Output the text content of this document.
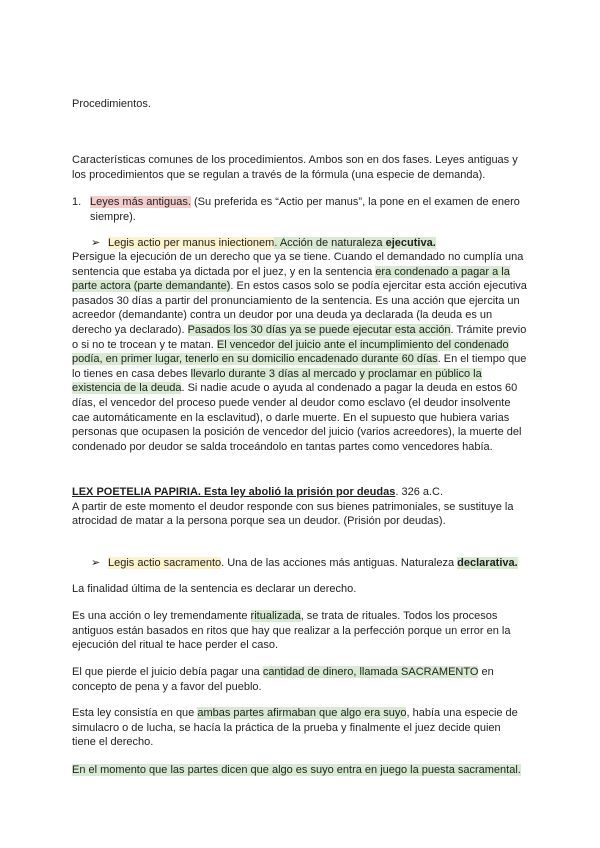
Procedimientos.
Características comunes de los procedimientos. Ambos son en dos fases. Leyes antiguas y los procedimientos que se regulan a través de la fórmula (una especie de demanda).
1. Leyes más antiguas. (Su preferida es “Actio per manus”, la pone en el examen de enero siempre).
➢ Legis actio per manus iniectionem. Acción de naturaleza ejecutiva.
Persigue la ejecución de un derecho que ya se tiene. Cuando el demandado no cumplía una sentencia que estaba ya dictada por el juez, y en la sentencia era condenado a pagar a la parte actora (parte demandante). En estos casos solo se podía ejercitar esta acción ejecutiva pasados 30 días a partir del pronunciamiento de la sentencia. Es una acción que ejercita un acreedor (demandante) contra un deudor por una deuda ya declarada (la deuda es un derecho ya declarado). Pasados los 30 días ya se puede ejecutar esta acción. Trámite previo o si no te trocean y te matan. El vencedor del juicio ante el incumplimiento del condenado podía, en primer lugar, tenerlo en su domicilio encadenado durante 60 días. En el tiempo que lo tienes en casa debes llevarlo durante 3 días al mercado y proclamar en público la existencia de la deuda. Si nadie acude o ayuda al condenado a pagar la deuda en estos 60 días, el vencedor del proceso puede vender al deudor como esclavo (el deudor insolvente cae automáticamente en la esclavitud), o darle muerte. En el supuesto que hubiera varias personas que ocupasen la posición de vencedor del juicio (varios acreedores), la muerte del condenado por deudor se salda troceándolo en tantas partes como vencedores había.
LEX POETELIA PAPIRIA. Esta ley abolió la prisión por deudas. 326 a.C.
A partir de este momento el deudor responde con sus bienes patrimoniales, se sustituye la atrocidad de matar a la persona porque sea un deudor. (Prisión por deudas).
➢ Legis actio sacramento. Una de las acciones más antiguas. Naturaleza declarativa.
La finalidad última de la sentencia es declarar un derecho.
Es una acción o ley tremendamente ritualizada, se trata de rituales. Todos los procesos antiguos están basados en ritos que hay que realizar a la perfección porque un error en la ejecución del ritual te hace perder el caso.
El que pierde el juicio debía pagar una cantidad de dinero, llamada SACRAMENTO en concepto de pena y a favor del pueblo.
Esta ley consistía en que ambas partes afirmaban que algo era suyo, había una especie de simulacro o de lucha, se hacía la práctica de la prueba y finalmente el juez decide quien tiene el derecho.
En el momento que las partes dicen que algo es suyo entra en juego la puesta sacramental.
